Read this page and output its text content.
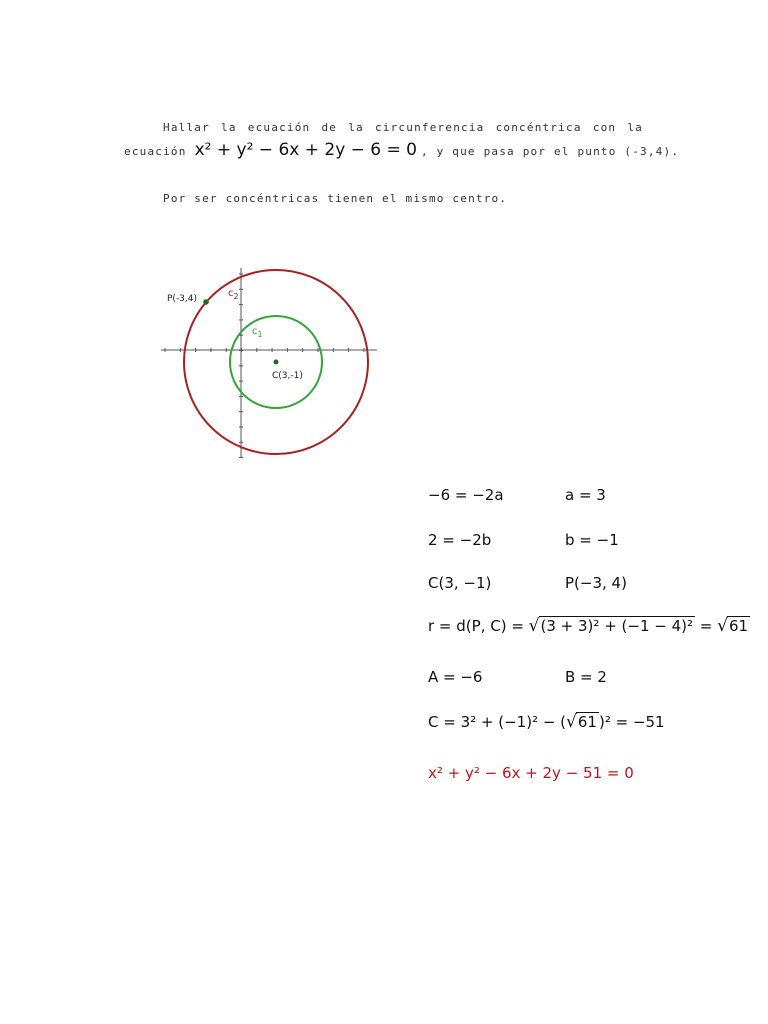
Hallar la ecuación de la circunferencia concéntrica con la
ecuación x² + y² − 6x + 2y − 6 = 0 , y que pasa por el punto (-3,4).
Por ser concéntricas tienen el mismo centro.
P(-3,4)
C(3,-1)
$c_2$
$c_1$
−6 = −2a	a = 3
2 = −2b	b = −1
C(3, −1)	P(−3, 4)
r = d(P, C) = √(3 + 3)² + (−1 − 4)² = √61
A = −6	B = 2
C = 3² + (−1)² − (√61 )² = −51
x² + y² − 6x + 2y − 51 = 0
